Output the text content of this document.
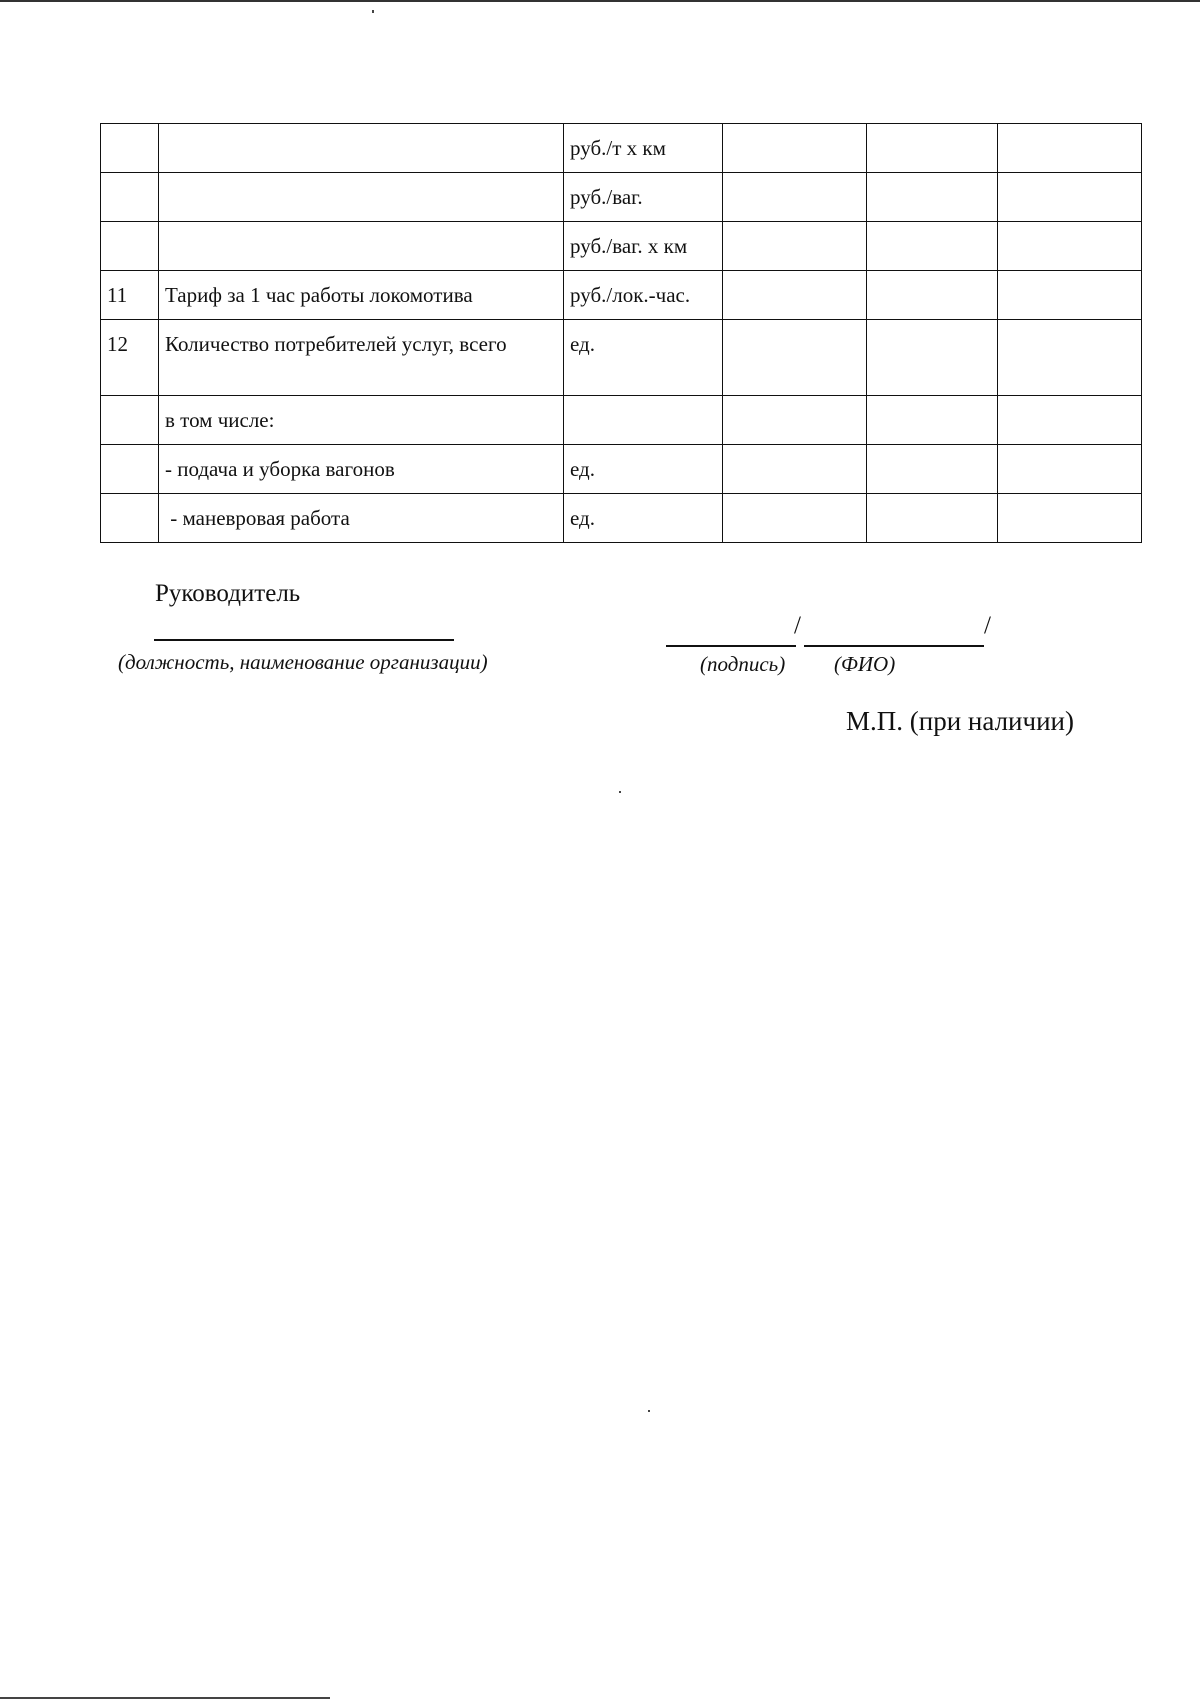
		руб./т х км			
		руб./ваг.			
		руб./ваг. х км			
11	Тариф за 1 час работы локомотива	руб./лок.-час.			
12	Количество потребителей услуг, всего	ед.			
	в том числе:				
	- подача и уборка вагонов	ед.			
	- маневровая работа	ед.			
Руководитель
(должность, наименование организации)
/	/
(подпись) (ФИО)
М.П. (при наличии)
